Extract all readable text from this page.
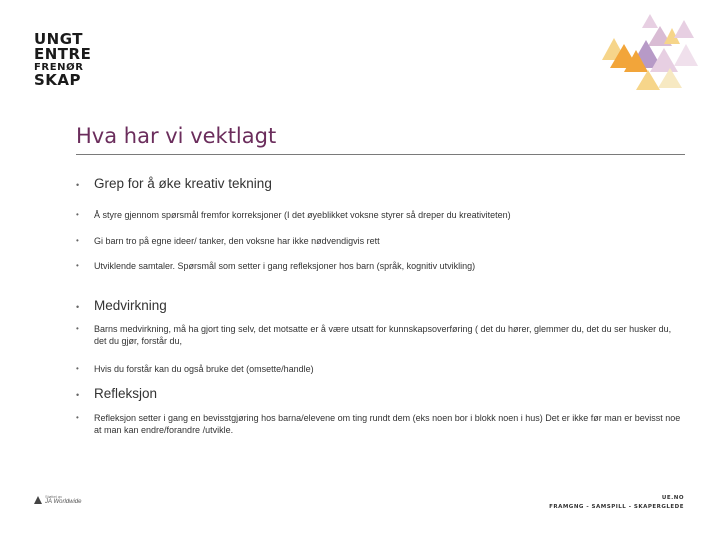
UNGT
ENTRE
FRENØR
SKAP
Hva har vi vektlagt
•	Grep for å øke kreativ tekning
•	Å styre gjennom spørsmål fremfor korreksjoner (I det øyeblikket voksne styrer så dreper du kreativiteten)
•	Gi barn tro på egne ideer/ tanker, den voksne har ikke nødvendigvis rett
•	Utviklende samtaler. Spørsmål som setter i gang refleksjoner hos barn (språk, kognitiv utvikling)
•	Medvirkning
•	Barns medvirkning, må ha gjort ting selv, det motsatte er å være utsatt for kunnskapsoverføring ( det du hører, glemmer du, det du ser husker du, det du gjør, forstår du,
•	Hvis du forstår kan du også bruke det (omsette/handle)
•	Refleksjon
•	Refleksjon setter i gang en bevisstgjøring hos barna/elevene om ting rundt dem (eks noen bor i blokk noen i hus) Det er ikke før man er bevisst noe at man kan endre/forandre /utvikle.
Støttet av
JA Worldwide
UE.NO
FRAMGNG - SAMSPILL - SKAPERGLEDE
